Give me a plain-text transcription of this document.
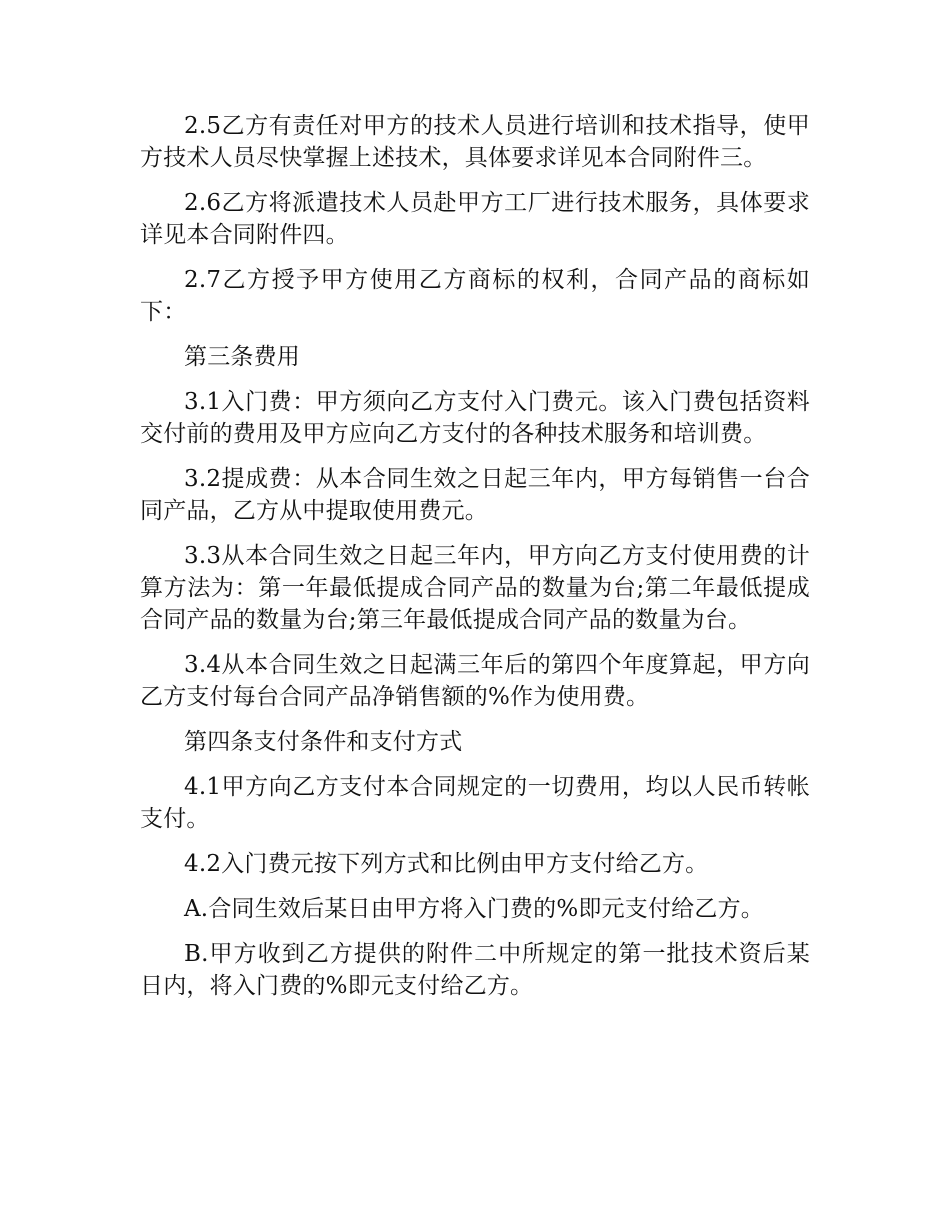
2.5乙方有责任对甲方的技术人员进行培训和技术指导，使甲方技术人员尽快掌握上述技术，具体要求详见本合同附件三。

2.6乙方将派遣技术人员赴甲方工厂进行技术服务，具体要求详见本合同附件四。

2.7乙方授予甲方使用乙方商标的权利，合同产品的商标如下：

第三条费用

3.1入门费：甲方须向乙方支付入门费元。该入门费包括资料交付前的费用及甲方应向乙方支付的各种技术服务和培训费。

3.2提成费：从本合同生效之日起三年内，甲方每销售一台合同产品，乙方从中提取使用费元。

3.3从本合同生效之日起三年内，甲方向乙方支付使用费的计算方法为：第一年最低提成合同产品的数量为台;第二年最低提成合同产品的数量为台;第三年最低提成合同产品的数量为台。

3.4从本合同生效之日起满三年后的第四个年度算起，甲方向乙方支付每台合同产品净销售额的%作为使用费。

第四条支付条件和支付方式

4.1甲方向乙方支付本合同规定的一切费用，均以人民币转帐支付。

4.2入门费元按下列方式和比例由甲方支付给乙方。

A.合同生效后某日由甲方将入门费的%即元支付给乙方。

B.甲方收到乙方提供的附件二中所规定的第一批技术资后某日内，将入门费的%即元支付给乙方。
